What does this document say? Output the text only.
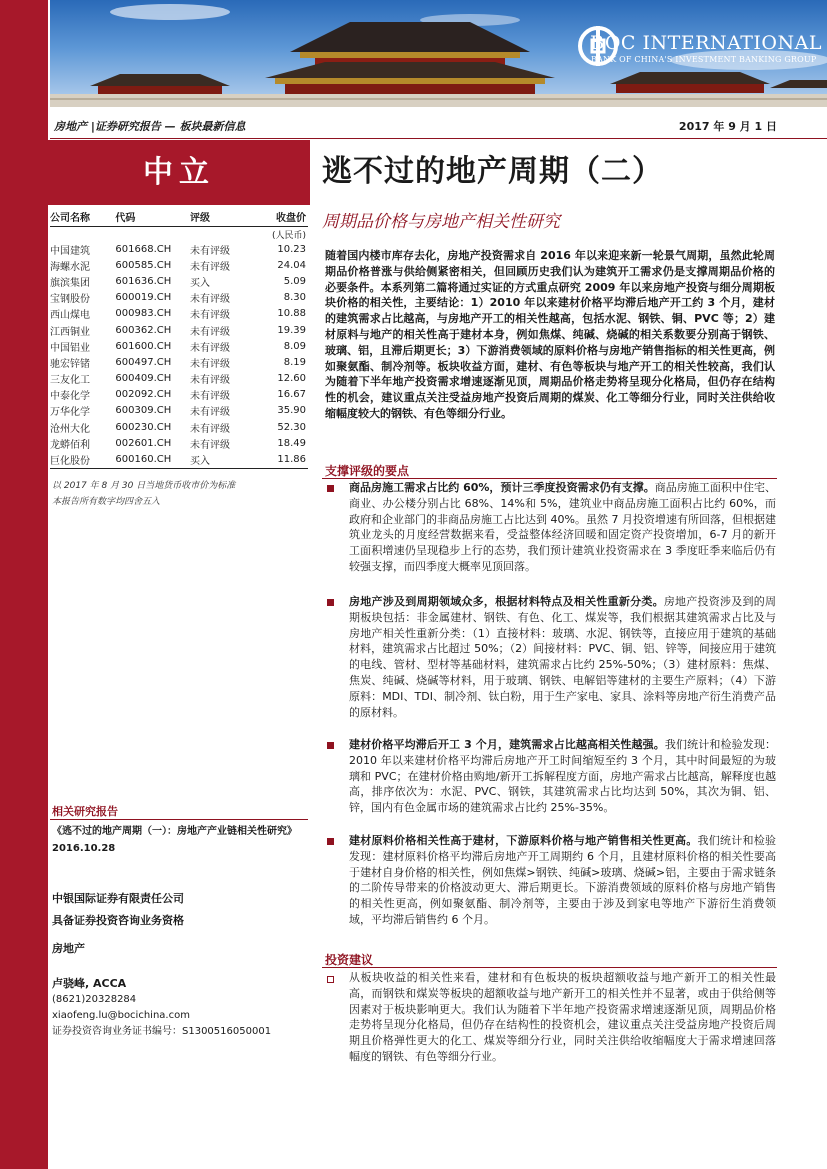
BOC INTERNATIONAL
BANK OF CHINA'S INVESTMENT BANKING GROUP
房地产 |证券研究报告 — 板块最新信息	2017 年 9 月 1 日
中立	逃不过的地产周期（二）
周期品价格与房地产相关性研究
公司名称	代码	评级	收盘价
			(人民币)
中国建筑	601668.CH	未有评级	10.23
海螺水泥	600585.CH	未有评级	24.04
旗滨集团	601636.CH	买入	5.09
宝钢股份	600019.CH	未有评级	8.30
西山煤电	000983.CH	未有评级	10.88
江西铜业	600362.CH	未有评级	19.39
中国铝业	601600.CH	未有评级	8.09
驰宏锌锗	600497.CH	未有评级	8.19
三友化工	600409.CH	未有评级	12.60
中泰化学	002092.CH	未有评级	16.67
万华化学	600309.CH	未有评级	35.90
沧州大化	600230.CH	未有评级	52.30
龙蟒佰利	002601.CH	未有评级	18.49
巨化股份	600160.CH	买入	11.86
以 2017 年 8 月 30 日当地货币收市价为标准
本报告所有数字均四舍五入
相关研究报告
《逃不过的地产周期（一）：房地产产业链相关性研究》2016.10.28
中银国际证券有限责任公司
具备证券投资咨询业务资格
房地产
卢骁峰, ACCA
(8621)20328284
xiaofeng.lu@bocichina.com
证券投资咨询业务证书编号：S1300516050001
随着国内楼市库存去化，房地产投资需求自 2016 年以来迎来新一轮景气周期，虽然此轮周期品价格普涨与供给侧紧密相关，但回顾历史我们认为建筑开工需求仍是支撑周期品价格的必要条件。本系列第二篇将通过实证的方式重点研究 2009 年以来房地产投资与细分周期板块价格的相关性，主要结论：1）2010 年以来建材价格平均滞后地产开工约 3 个月，建材的建筑需求占比越高，与房地产开工的相关性越高，包括水泥、钢铁、铜、PVC 等；2）建材原料与地产的相关性高于建材本身，例如焦煤、纯碱、烧碱的相关系数要分别高于钢铁、玻璃、铝，且滞后期更长；3）下游消费领域的原料价格与房地产销售指标的相关性更高，例如聚氨酯、制冷剂等。板块收益方面，建材、有色等板块与地产开工的相关性较高，我们认为随着下半年地产投资需求增速逐渐见顶，周期品价格走势将呈现分化格局，但仍存在结构性的机会，建议重点关注受益房地产投资后周期的煤炭、化工等细分行业，同时关注供给收缩幅度较大的钢铁、有色等细分行业。
支撑评级的要点
商品房施工需求占比约 60%，预计三季度投资需求仍有支撑。商品房施工面积中住宅、商业、办公楼分别占比 68%、14%和 5%，建筑业中商品房施工面积占比约 60%，而政府和企业部门的非商品房施工占比达到 40%。虽然 7 月投资增速有所回落，但根据建筑业龙头的月度经营数据来看，受益整体经济回暖和固定资产投资增加，6-7 月的新开工面积增速仍呈现稳步上行的态势，我们预计建筑业投资需求在 3 季度旺季来临后仍有较强支撑，而四季度大概率见顶回落。
房地产涉及到周期领域众多，根据材料特点及相关性重新分类。房地产投资涉及到的周期板块包括：非金属建材、钢铁、有色、化工、煤炭等，我们根据其建筑需求占比及与房地产相关性重新分类：（1）直接材料：玻璃、水泥、钢铁等，直接应用于建筑的基础材料，建筑需求占比超过 50%；（2）间接材料：PVC、铜、铝、锌等，间接应用于建筑的电线、管材、型材等基础材料，建筑需求占比约 25%-50%；（3）建材原料：焦煤、焦炭、纯碱、烧碱等材料，用于玻璃、钢铁、电解铝等建材的主要生产原料；（4）下游原料：MDI、TDI、制冷剂、钛白粉，用于生产家电、家具、涂料等房地产衍生消费产品的原材料。
建材价格平均滞后开工 3 个月，建筑需求占比越高相关性越强。我们统计和检验发现：2010 年以来建材价格平均滞后房地产开工时间缩短至约 3 个月，其中时间最短的为玻璃和 PVC；在建材价格由购地/新开工拆解程度方面，房地产需求占比越高，解释度也越高，排序依次为：水泥、PVC、钢铁，其建筑需求占比均达到 50%，其次为铜、铝、锌，国内有色金属市场的建筑需求占比约 25%-35%。
建材原料价格相关性高于建材，下游原料价格与地产销售相关性更高。我们统计和检验发现：建材原料价格平均滞后房地产开工周期约 6 个月，且建材原料价格的相关性要高于建材自身价格的相关性，例如焦煤>钢铁、纯碱>玻璃、烧碱>铝，主要由于需求链条的二阶传导带来的价格波动更大、滞后期更长。下游消费领域的原料价格与房地产销售的相关性更高，例如聚氨酯、制冷剂等，主要由于涉及到家电等地产下游衍生消费领域，平均滞后销售约 6 个月。
投资建议
从板块收益的相关性来看，建材和有色板块的板块超额收益与地产新开工的相关性最高，而钢铁和煤炭等板块的超额收益与地产新开工的相关性并不显著，或由于供给侧等因素对于板块影响更大。我们认为随着下半年地产投资需求增速逐渐见顶，周期品价格走势将呈现分化格局，但仍存在结构性的投资机会，建议重点关注受益房地产投资后周期且价格弹性更大的化工、煤炭等细分行业，同时关注供给收缩幅度大于需求增速回落幅度的钢铁、有色等细分行业。
